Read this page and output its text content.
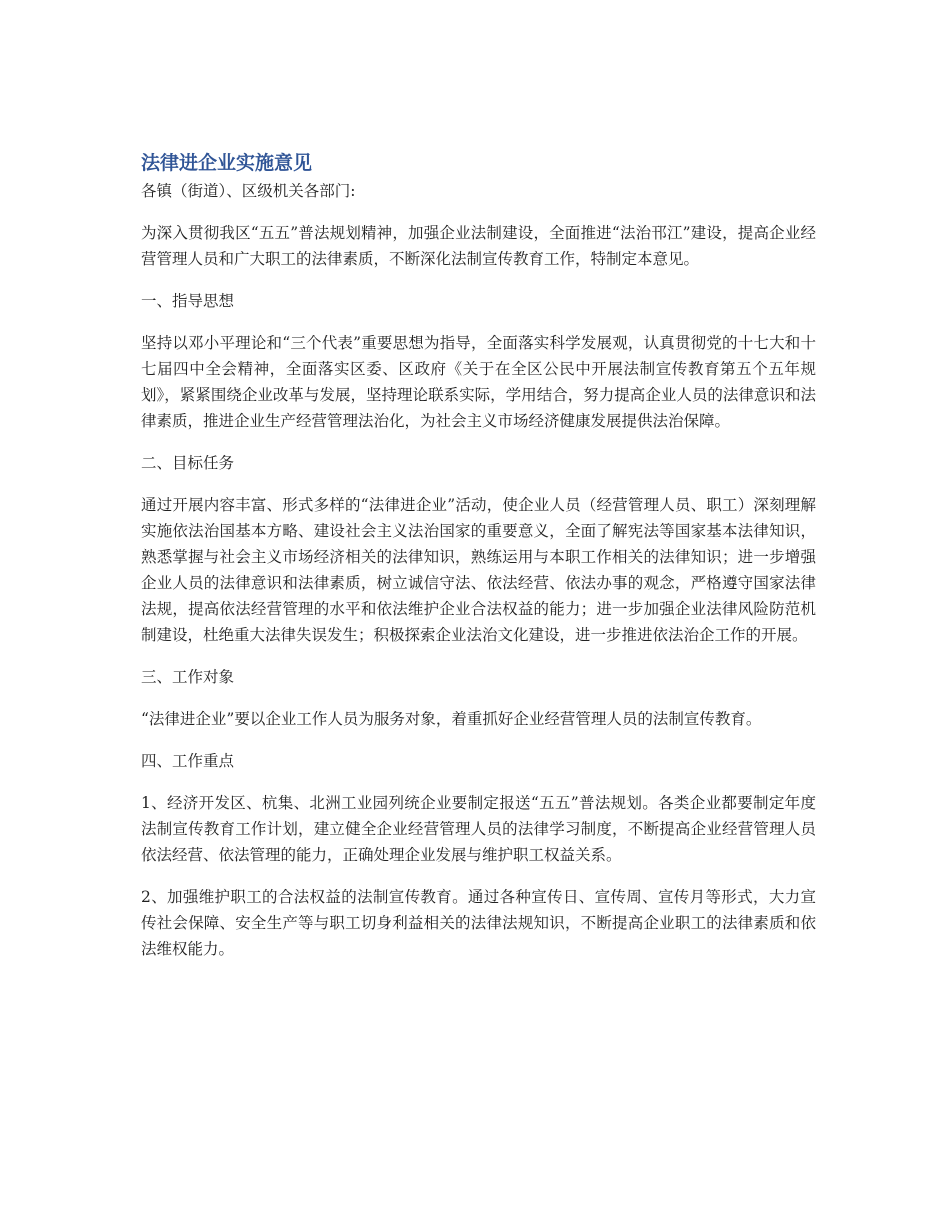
法律进企业实施意见

各镇（街道）、区级机关各部门:

为深入贯彻我区“五五”普法规划精神，加强企业法制建设，全面推进“法治邗江”建设，提高企业经营管理人员和广大职工的法律素质，不断深化法制宣传教育工作，特制定本意见。

一、指导思想

坚持以邓小平理论和“三个代表”重要思想为指导，全面落实科学发展观，认真贯彻党的十七大和十七届四中全会精神，全面落实区委、区政府《关于在全区公民中开展法制宣传教育第五个五年规划》，紧紧围绕企业改革与发展，坚持理论联系实际，学用结合，努力提高企业人员的法律意识和法律素质，推进企业生产经营管理法治化，为社会主义市场经济健康发展提供法治保障。

二、目标任务

通过开展内容丰富、形式多样的“法律进企业”活动，使企业人员（经营管理人员、职工）深刻理解实施依法治国基本方略、建设社会主义法治国家的重要意义，全面了解宪法等国家基本法律知识，熟悉掌握与社会主义市场经济相关的法律知识，熟练运用与本职工作相关的法律知识；进一步增强企业人员的法律意识和法律素质，树立诚信守法、依法经营、依法办事的观念，严格遵守国家法律法规，提高依法经营管理的水平和依法维护企业合法权益的能力；进一步加强企业法律风险防范机制建设，杜绝重大法律失误发生；积极探索企业法治文化建设，进一步推进依法治企工作的开展。

三、工作对象

“法律进企业”要以企业工作人员为服务对象，着重抓好企业经营管理人员的法制宣传教育。

四、工作重点

1、经济开发区、杭集、北洲工业园列统企业要制定报送“五五”普法规划。各类企业都要制定年度法制宣传教育工作计划，建立健全企业经营管理人员的法律学习制度，不断提高企业经营管理人员依法经营、依法管理的能力，正确处理企业发展与维护职工权益关系。

2、加强维护职工的合法权益的法制宣传教育。通过各种宣传日、宣传周、宣传月等形式，大力宣传社会保障、安全生产等与职工切身利益相关的法律法规知识，不断提高企业职工的法律素质和依法维权能力。
